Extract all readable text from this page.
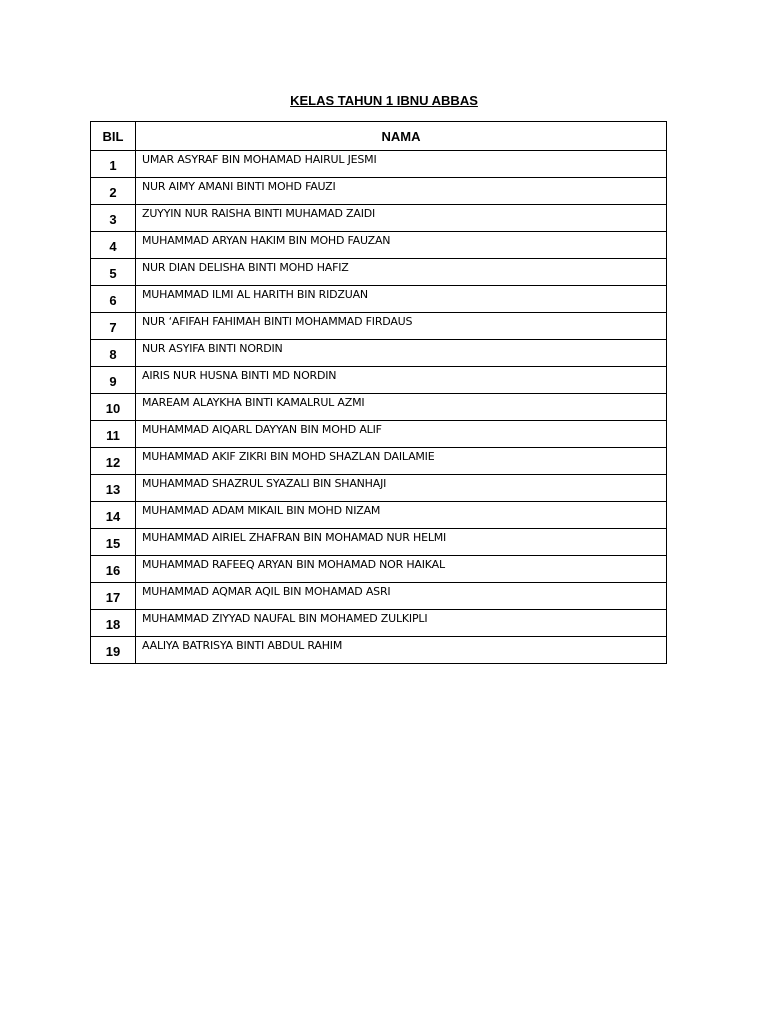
KELAS TAHUN 1 IBNU ABBAS
BIL	NAMA
1	UMAR ASYRAF BIN MOHAMAD HAIRUL JESMI
2	NUR AIMY AMANI BINTI MOHD FAUZI
3	ZUYYIN NUR RAISHA BINTI MUHAMAD ZAIDI
4	MUHAMMAD ARYAN HAKIM BIN MOHD FAUZAN
5	NUR DIAN DELISHA BINTI MOHD HAFIZ
6	MUHAMMAD ILMI AL HARITH BIN RIDZUAN
7	NUR ‘AFIFAH FAHIMAH BINTI MOHAMMAD FIRDAUS
8	NUR ASYIFA BINTI NORDIN
9	AIRIS NUR HUSNA BINTI MD NORDIN
10	MAREAM ALAYKHA BINTI KAMALRUL AZMI
11	MUHAMMAD AIQARL DAYYAN BIN MOHD ALIF
12	MUHAMMAD AKIF ZIKRI BIN MOHD SHAZLAN DAILAMIE
13	MUHAMMAD SHAZRUL SYAZALI BIN SHANHAJI
14	MUHAMMAD ADAM MIKAIL BIN MOHD NIZAM
15	MUHAMMAD AIRIEL ZHAFRAN BIN MOHAMAD NUR HELMI
16	MUHAMMAD RAFEEQ ARYAN BIN MOHAMAD NOR HAIKAL
17	MUHAMMAD AQMAR AQIL BIN MOHAMAD ASRI
18	MUHAMMAD ZIYYAD NAUFAL BIN MOHAMED ZULKIPLI
19	AALIYA BATRISYA BINTI ABDUL RAHIM
